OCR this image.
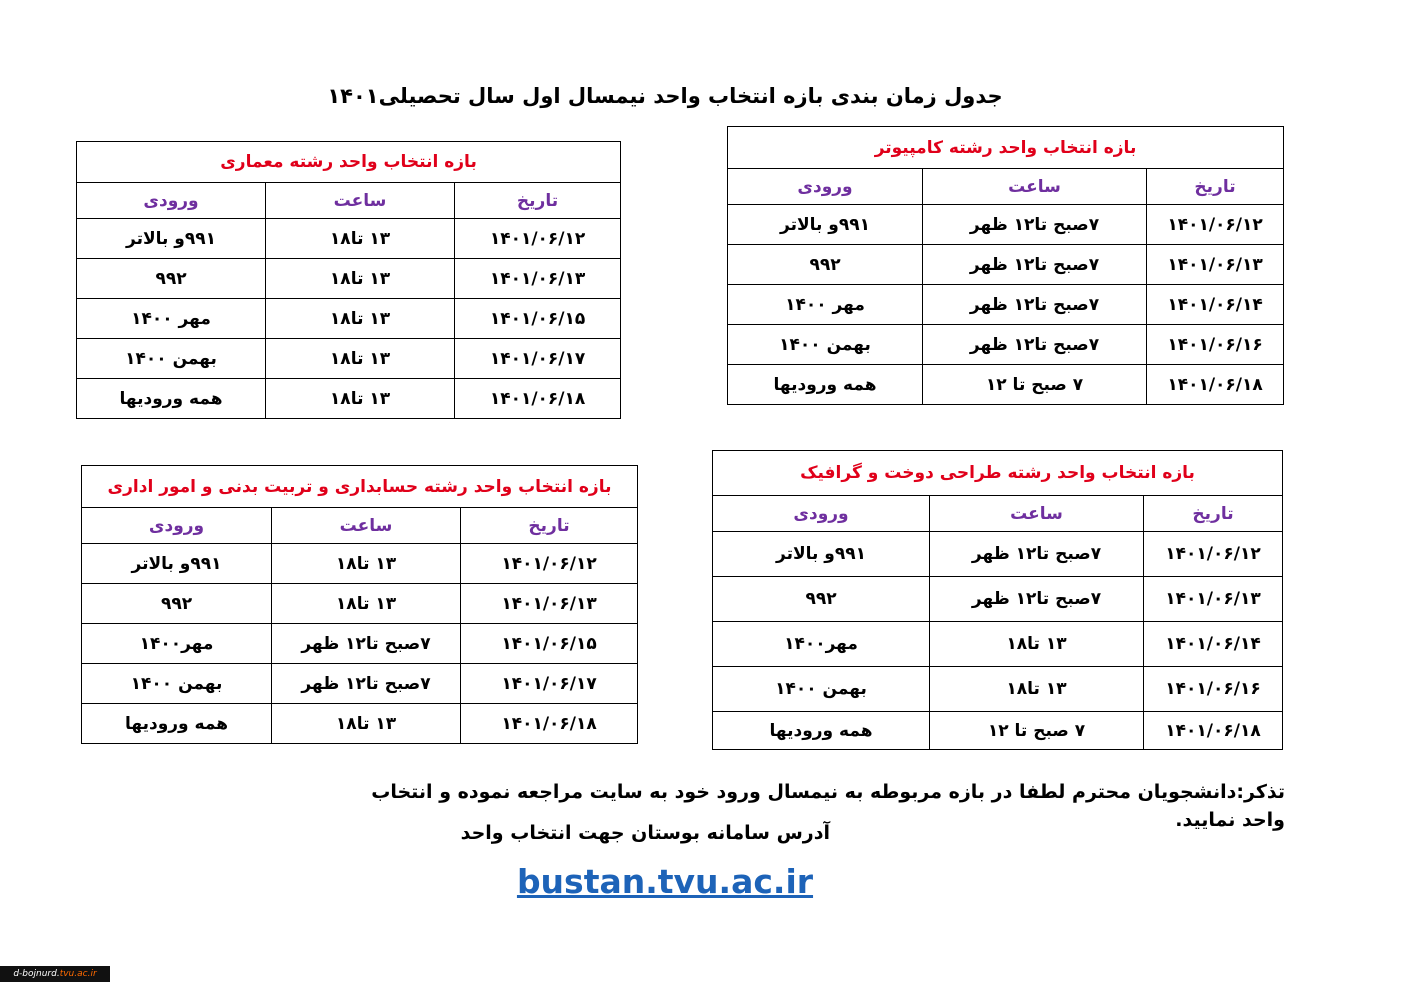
جدول زمان بندی بازه انتخاب واحد نیمسال اول سال تحصیلی۱۴۰۱
بازه انتخاب واحد رشته کامپیوتر		
تاریخ	ساعت	ورودی
۱۴۰۱/۰۶/۱۲	۷صبح تا۱۲ ظهر	۹۹۱و بالاتر
۱۴۰۱/۰۶/۱۳	۷صبح تا۱۲ ظهر	۹۹۲
۱۴۰۱/۰۶/۱۴	۷صبح تا۱۲ ظهر	مهر ۱۴۰۰
۱۴۰۱/۰۶/۱۶	۷صبح تا۱۲ ظهر	بهمن ۱۴۰۰
۱۴۰۱/۰۶/۱۸	۷ صبح تا ۱۲	همه ورودیها
بازه انتخاب واحد رشته معماری		
تاریخ	ساعت	ورودی
۱۴۰۱/۰۶/۱۲	۱۳ تا۱۸	۹۹۱و بالاتر
۱۴۰۱/۰۶/۱۳	۱۳ تا۱۸	۹۹۲
۱۴۰۱/۰۶/۱۵	۱۳ تا۱۸	مهر ۱۴۰۰
۱۴۰۱/۰۶/۱۷	۱۳ تا۱۸	بهمن ۱۴۰۰
۱۴۰۱/۰۶/۱۸	۱۳ تا۱۸	همه ورودیها
بازه انتخاب واحد رشته طراحی دوخت و گرافیک		
تاریخ	ساعت	ورودی
۱۴۰۱/۰۶/۱۲	۷صبح تا۱۲ ظهر	۹۹۱و بالاتر
۱۴۰۱/۰۶/۱۳	۷صبح تا۱۲ ظهر	۹۹۲
۱۴۰۱/۰۶/۱۴	۱۳ تا۱۸	مهر۱۴۰۰
۱۴۰۱/۰۶/۱۶	۱۳ تا۱۸	بهمن ۱۴۰۰
۱۴۰۱/۰۶/۱۸	۷ صبح تا ۱۲	همه ورودیها
بازه انتخاب واحد رشته حسابداری و تربیت بدنی و امور اداری		
تاریخ	ساعت	ورودی
۱۴۰۱/۰۶/۱۲	۱۳ تا۱۸	۹۹۱و بالاتر
۱۴۰۱/۰۶/۱۳	۱۳ تا۱۸	۹۹۲
۱۴۰۱/۰۶/۱۵	۷صبح تا۱۲ ظهر	مهر۱۴۰۰
۱۴۰۱/۰۶/۱۷	۷صبح تا۱۲ ظهر	بهمن ۱۴۰۰
۱۴۰۱/۰۶/۱۸	۱۳ تا۱۸	همه ورودیها
تذکر:دانشجویان محترم لطفا در بازه مربوطه به نیمسال ورود خود به سایت مراجعه نموده و انتخاب واحد نمایید.
آدرس سامانه بوستان جهت انتخاب واحد
bustan.tvu.ac.ir
d-bojnurd.tvu.ac.ir
